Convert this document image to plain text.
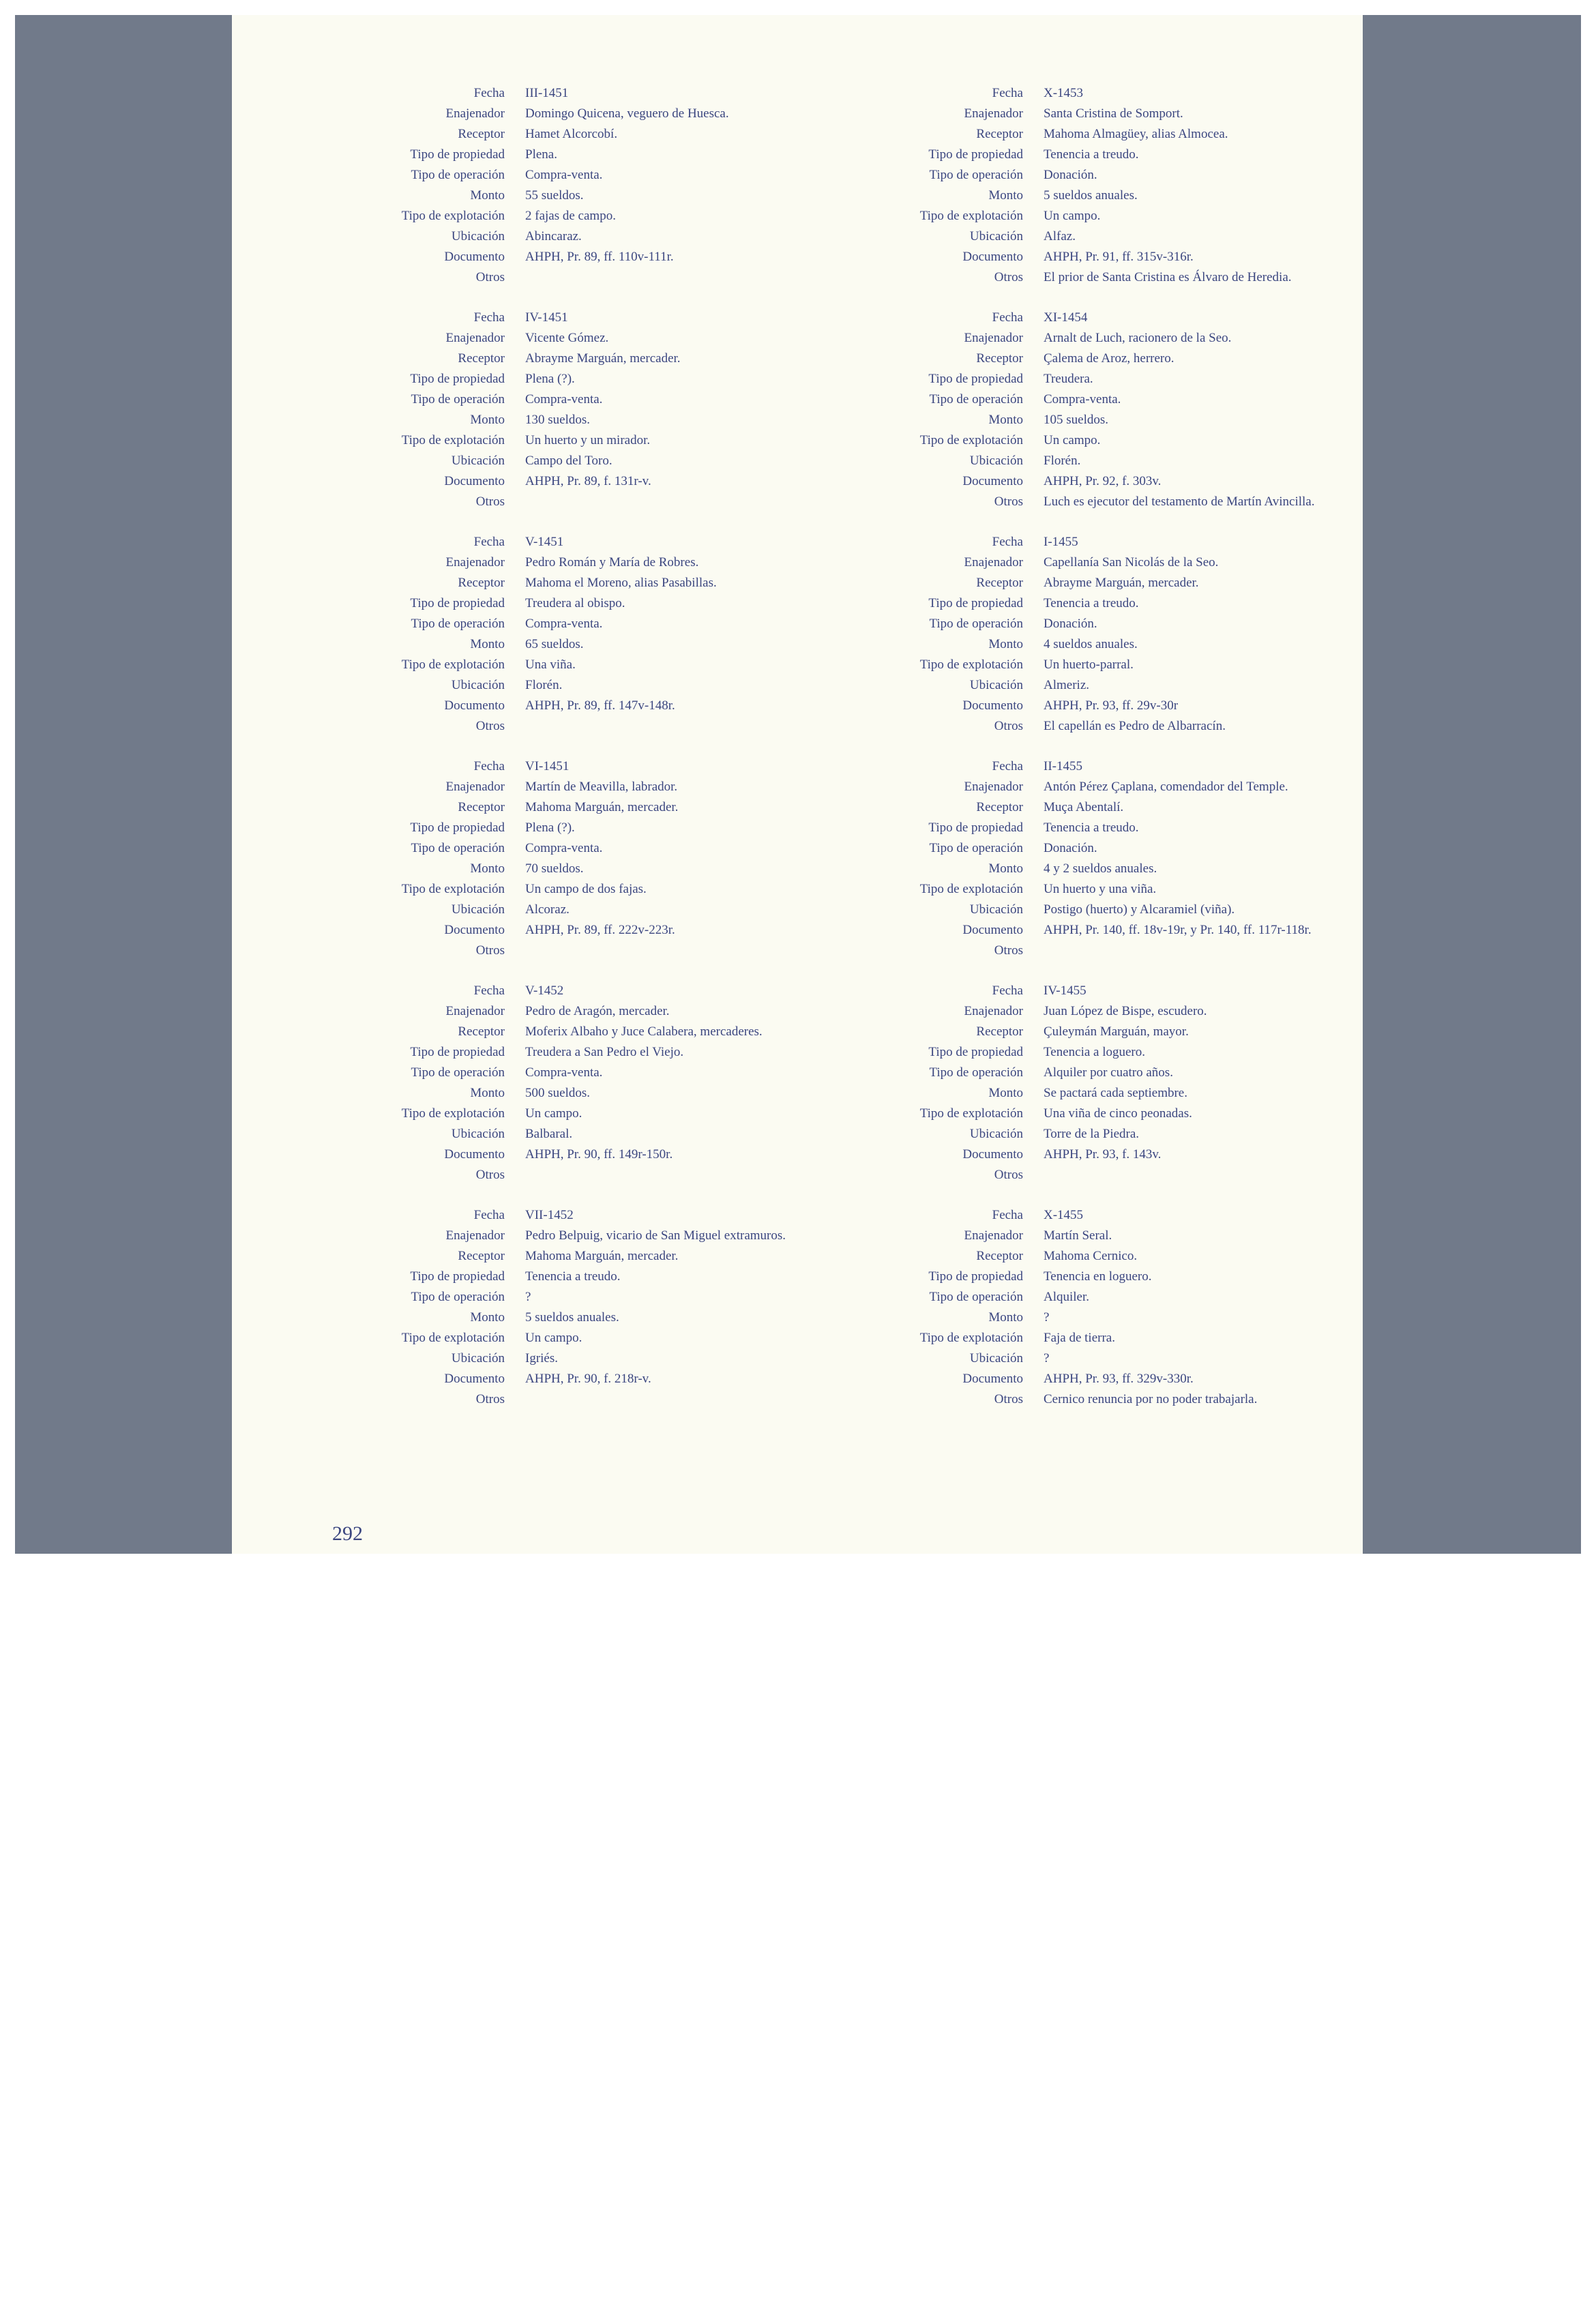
Fecha	III-1451
Enajenador	Domingo Quicena, veguero de Huesca.
Receptor	Hamet Alcorcobí.
Tipo de propiedad	Plena.
Tipo de operación	Compra-venta.
Monto	55 sueldos.
Tipo de explotación	2 fajas de campo.
Ubicación	Abincaraz.
Documento	AHPH, Pr. 89, ff. 110v-111r.
Otros
Fecha	IV-1451
Enajenador	Vicente Gómez.
Receptor	Abrayme Marguán, mercader.
Tipo de propiedad	Plena (?).
Tipo de operación	Compra-venta.
Monto	130 sueldos.
Tipo de explotación	Un huerto y un mirador.
Ubicación	Campo del Toro.
Documento	AHPH, Pr. 89, f. 131r-v.
Otros
Fecha	V-1451
Enajenador	Pedro Román y María de Robres.
Receptor	Mahoma el Moreno, alias Pasabillas.
Tipo de propiedad	Treudera al obispo.
Tipo de operación	Compra-venta.
Monto	65 sueldos.
Tipo de explotación	Una viña.
Ubicación	Florén.
Documento	AHPH, Pr. 89, ff. 147v-148r.
Otros
Fecha	VI-1451
Enajenador	Martín de Meavilla, labrador.
Receptor	Mahoma Marguán, mercader.
Tipo de propiedad	Plena (?).
Tipo de operación	Compra-venta.
Monto	70 sueldos.
Tipo de explotación	Un campo de dos fajas.
Ubicación	Alcoraz.
Documento	AHPH, Pr. 89, ff. 222v-223r.
Otros
Fecha	V-1452
Enajenador	Pedro de Aragón, mercader.
Receptor	Moferix Albaho y Juce Calabera, mercaderes.
Tipo de propiedad	Treudera a San Pedro el Viejo.
Tipo de operación	Compra-venta.
Monto	500 sueldos.
Tipo de explotación	Un campo.
Ubicación	Balbaral.
Documento	AHPH, Pr. 90, ff. 149r-150r.
Otros
Fecha	VII-1452
Enajenador	Pedro Belpuig, vicario de San Miguel extramuros.
Receptor	Mahoma Marguán, mercader.
Tipo de propiedad	Tenencia a treudo.
Tipo de operación	?
Monto	5 sueldos anuales.
Tipo de explotación	Un campo.
Ubicación	Igriés.
Documento	AHPH, Pr. 90, f. 218r-v.
Otros
Fecha	X-1453
Enajenador	Santa Cristina de Somport.
Receptor	Mahoma Almagüey, alias Almocea.
Tipo de propiedad	Tenencia a treudo.
Tipo de operación	Donación.
Monto	5 sueldos anuales.
Tipo de explotación	Un campo.
Ubicación	Alfaz.
Documento	AHPH, Pr. 91, ff. 315v-316r.
Otros	El prior de Santa Cristina es Álvaro de Heredia.
Fecha	XI-1454
Enajenador	Arnalt de Luch, racionero de la Seo.
Receptor	Çalema de Aroz, herrero.
Tipo de propiedad	Treudera.
Tipo de operación	Compra-venta.
Monto	105 sueldos.
Tipo de explotación	Un campo.
Ubicación	Florén.
Documento	AHPH, Pr. 92, f. 303v.
Otros	Luch es ejecutor del testamento de Martín Avincilla.
Fecha	I-1455
Enajenador	Capellanía San Nicolás de la Seo.
Receptor	Abrayme Marguán, mercader.
Tipo de propiedad	Tenencia a treudo.
Tipo de operación	Donación.
Monto	4 sueldos anuales.
Tipo de explotación	Un huerto-parral.
Ubicación	Almeriz.
Documento	AHPH, Pr. 93, ff. 29v-30r
Otros	El capellán es Pedro de Albarracín.
Fecha	II-1455
Enajenador	Antón Pérez Çaplana, comendador del Temple.
Receptor	Muça Abentalí.
Tipo de propiedad	Tenencia a treudo.
Tipo de operación	Donación.
Monto	4 y 2 sueldos anuales.
Tipo de explotación	Un huerto y una viña.
Ubicación	Postigo (huerto) y Alcaramiel (viña).
Documento	AHPH, Pr. 140, ff. 18v-19r, y Pr. 140, ff. 117r-118r.
Otros
Fecha	IV-1455
Enajenador	Juan López de Bispe, escudero.
Receptor	Çuleymán Marguán, mayor.
Tipo de propiedad	Tenencia a loguero.
Tipo de operación	Alquiler por cuatro años.
Monto	Se pactará cada septiembre.
Tipo de explotación	Una viña de cinco peonadas.
Ubicación	Torre de la Piedra.
Documento	AHPH, Pr. 93, f. 143v.
Otros
Fecha	X-1455
Enajenador	Martín Seral.
Receptor	Mahoma Cernico.
Tipo de propiedad	Tenencia en loguero.
Tipo de operación	Alquiler.
Monto	?
Tipo de explotación	Faja de tierra.
Ubicación	?
Documento	AHPH, Pr. 93, ff. 329v-330r.
Otros	Cernico renuncia por no poder trabajarla.
292
